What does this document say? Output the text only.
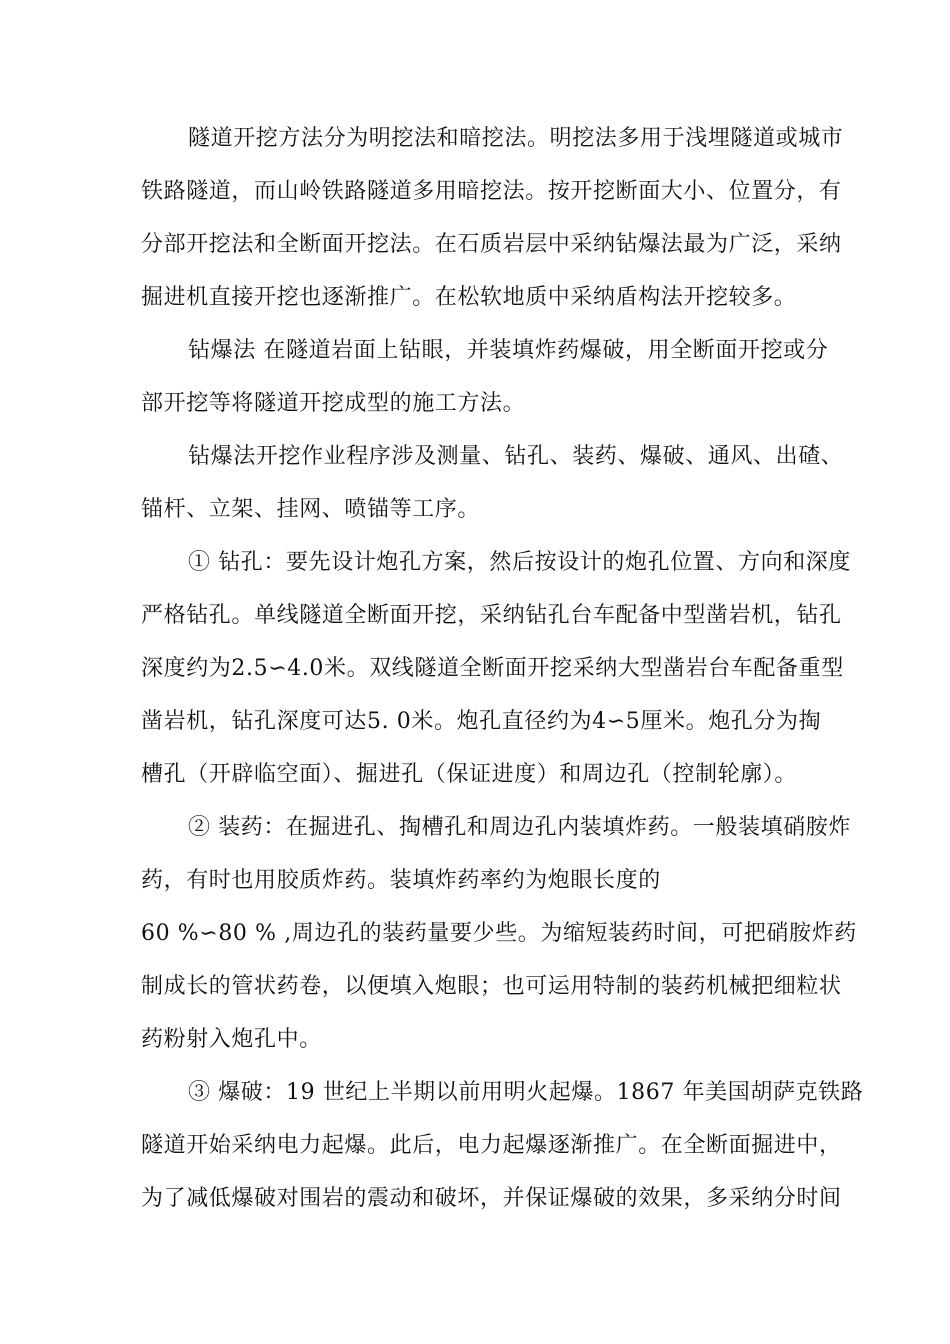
隧道开挖方法分为明挖法和暗挖法。明挖法多用于浅埋隧道或城市
铁路隧道，而山岭铁路隧道多用暗挖法。按开挖断面大小、位置分，有
分部开挖法和全断面开挖法。在石质岩层中采纳钻爆法最为广泛，采纳
掘进机直接开挖也逐渐推广。在松软地质中采纳盾构法开挖较多。
钻爆法 在隧道岩面上钻眼，并装填炸药爆破，用全断面开挖或分
部开挖等将隧道开挖成型的施工方法。
钻爆法开挖作业程序涉及测量、钻孔、装药、爆破、通风、出碴、
锚杆、立架、挂网、喷锚等工序。
① 钻孔：要先设计炮孔方案，然后按设计的炮孔位置、方向和深度
严格钻孔。单线隧道全断面开挖，采纳钻孔台车配备中型凿岩机，钻孔
深度约为2.5∽4.0米。双线隧道全断面开挖采纳大型凿岩台车配备重型
凿岩机，钻孔深度可达5. 0米。炮孔直径约为4∽5厘米。炮孔分为掏
槽孔（开辟临空面）、掘进孔（保证进度）和周边孔（控制轮廓）。
② 装药：在掘进孔、掏槽孔和周边孔内装填炸药。一般装填硝胺炸
药，有时也用胶质炸药。装填炸药率约为炮眼长度的
60 %∽80 % ,周边孔的装药量要少些。为缩短装药时间，可把硝胺炸药
制成长的管状药卷，以便填入炮眼；也可运用特制的装药机械把细粒状
药粉射入炮孔中。
③ 爆破：19 世纪上半期以前用明火起爆。1867 年美国胡萨克铁路
隧道开始采纳电力起爆。此后，电力起爆逐渐推广。在全断面掘进中，
为了减低爆破对围岩的震动和破坏，并保证爆破的效果，多采纳分时间
